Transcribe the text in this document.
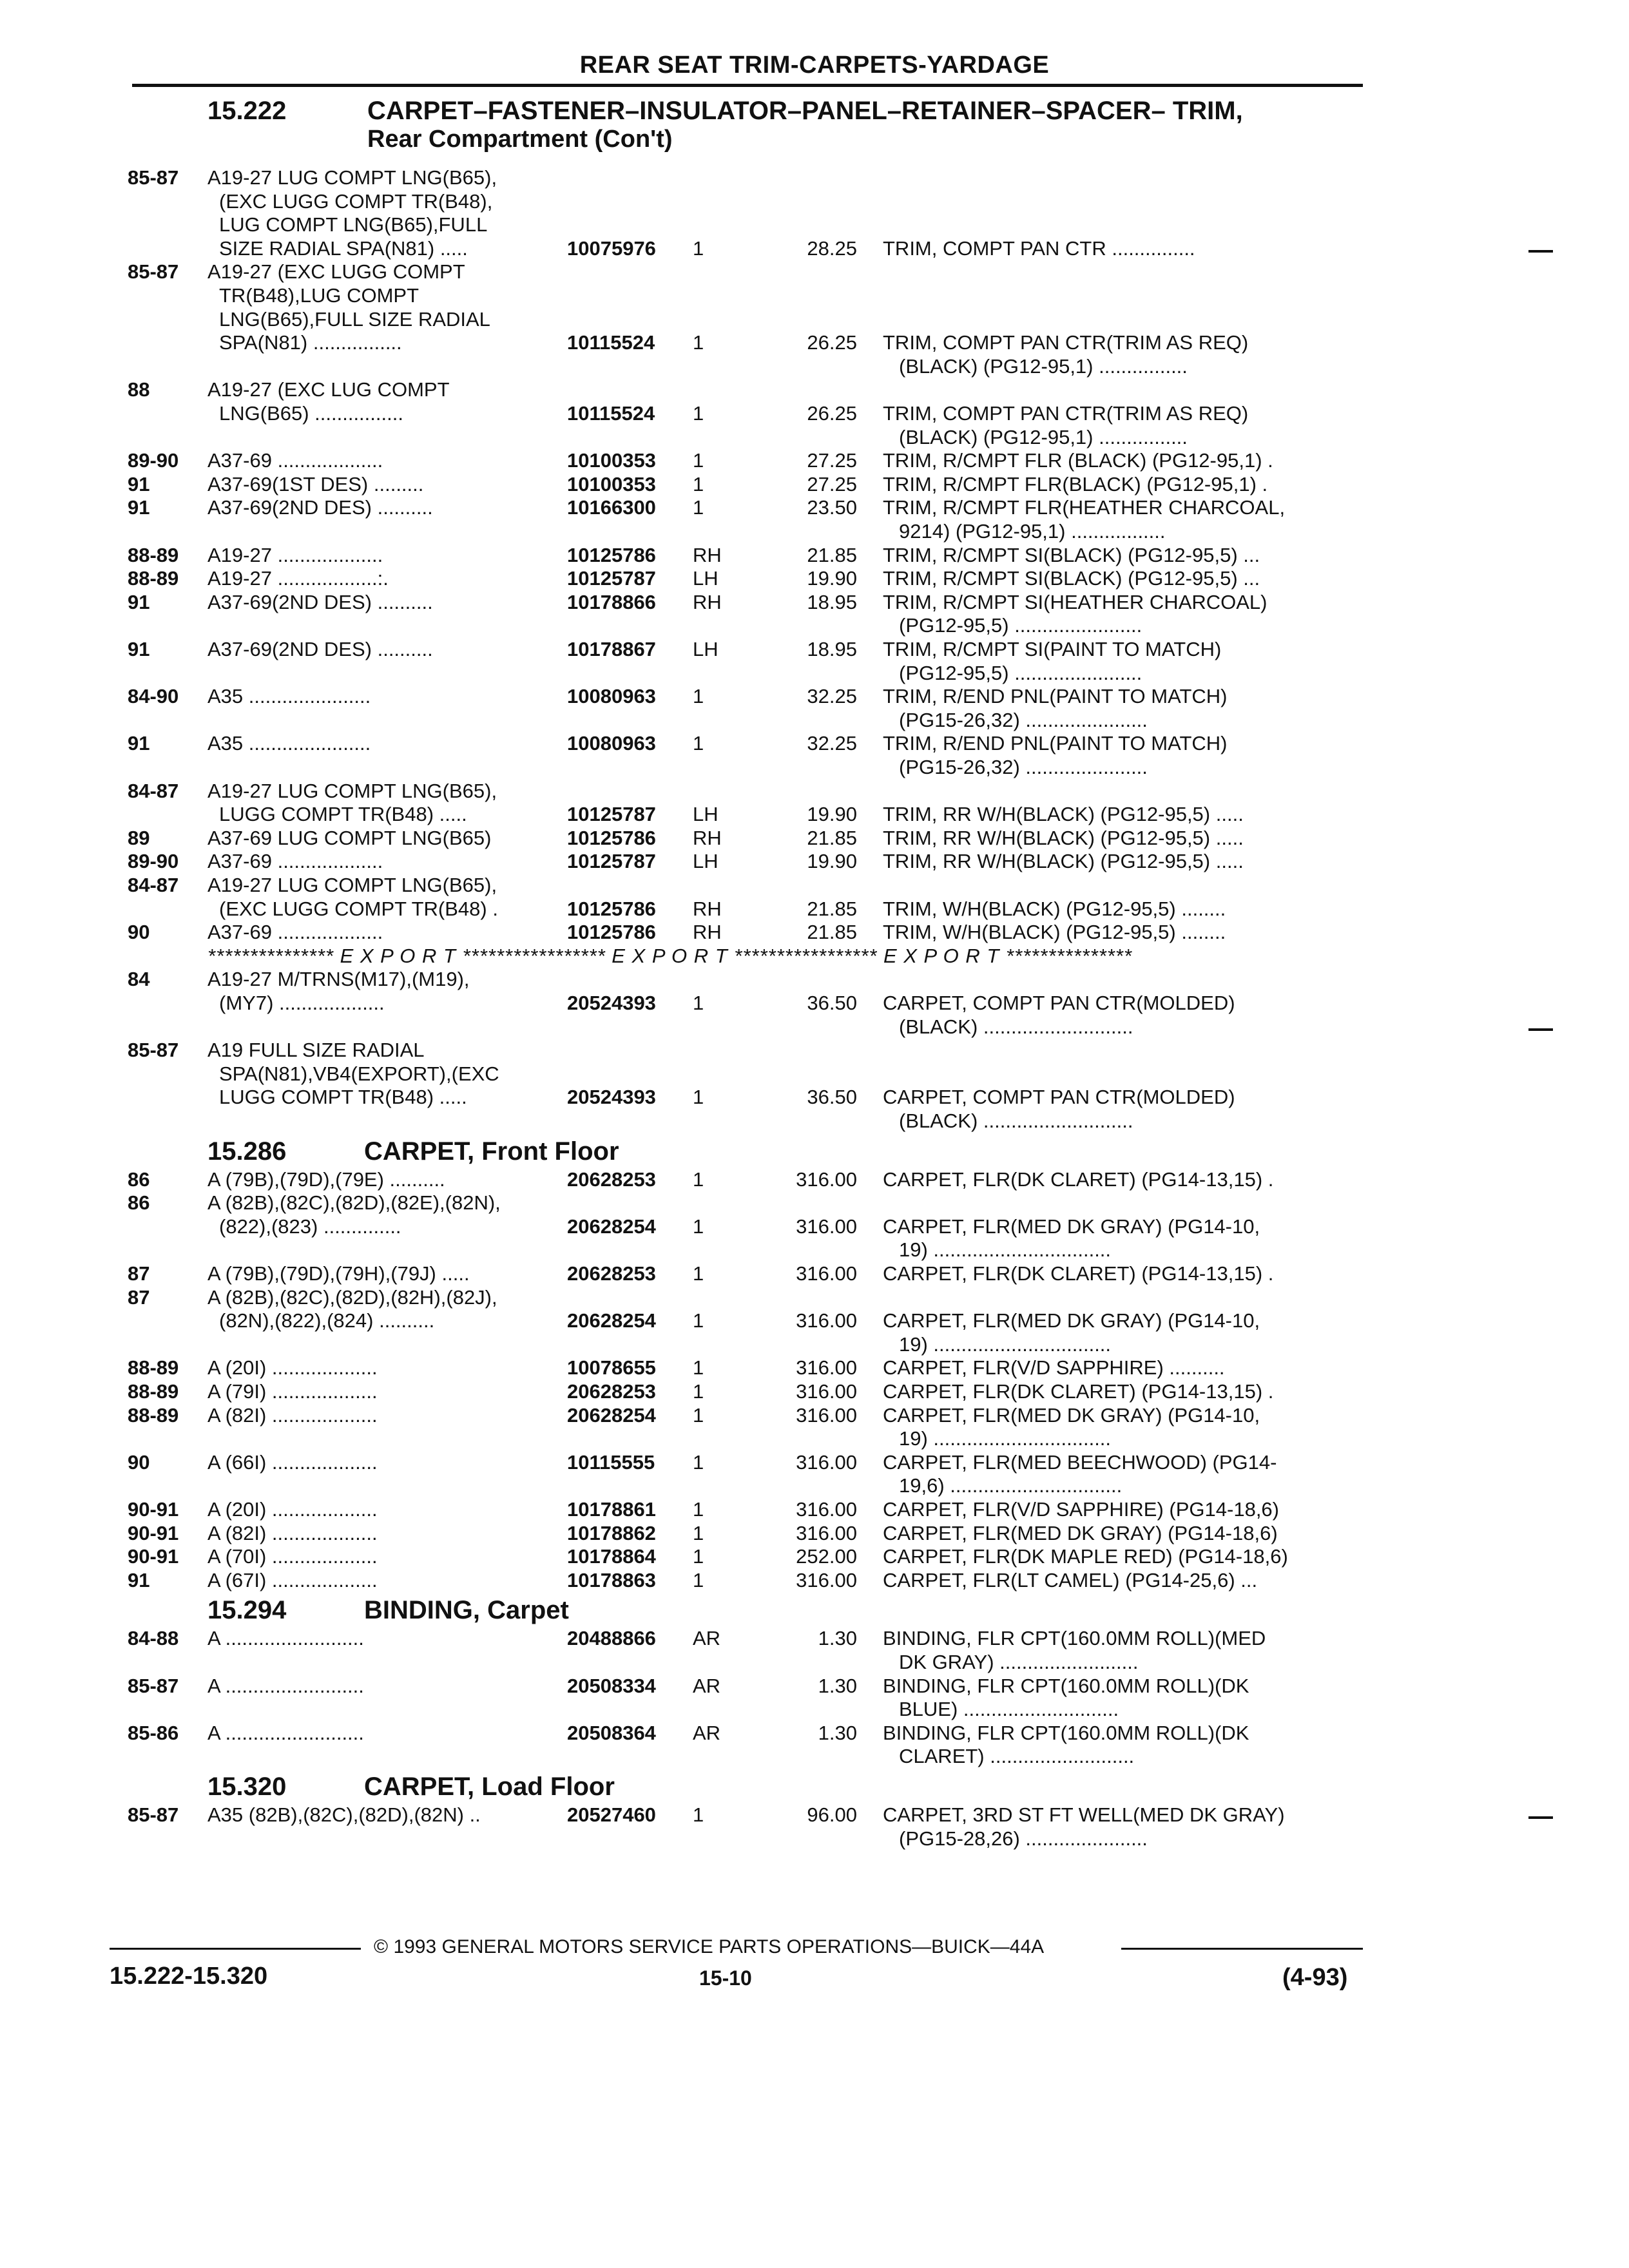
REAR SEAT TRIM-CARPETS-YARDAGE
15.222	CARPET–FASTENER–INSULATOR–PANEL–RETAINER–SPACER– TRIM,
Rear Compartment (Con't)
85-87 A19-27 LUG COMPT LNG(B65),
(EXC LUGG COMPT TR(B48),
LUG COMPT LNG(B65),FULL
SIZE RADIAL SPA(N81) .....	10075976 1	28.25 TRIM, COMPT PAN CTR ...............
85-87 A19-27 (EXC LUGG COMPT
TR(B48),LUG COMPT
LNG(B65),FULL SIZE RADIAL
SPA(N81) ................	10115524 1	26.25 TRIM, COMPT PAN CTR(TRIM AS REQ)
(BLACK) (PG12-95,1) ................
88	A19-27 (EXC LUG COMPT
LNG(B65) ................	10115524 1	26.25 TRIM, COMPT PAN CTR(TRIM AS REQ)
(BLACK) (PG12-95,1) ................
89-90 A37-69 ...................	10100353 1	27.25 TRIM, R/CMPT FLR (BLACK) (PG12-95,1) .
91	A37-69(1ST DES) .........	10100353 1	27.25 TRIM, R/CMPT FLR(BLACK) (PG12-95,1) .
91	A37-69(2ND DES) ..........	10166300 1	23.50 TRIM, R/CMPT FLR(HEATHER CHARCOAL,
9214) (PG12-95,1) .................
88-89 A19-27 ...................	10125786 RH	21.85 TRIM, R/CMPT SI(BLACK) (PG12-95,5) ...
88-89 A19-27 ..................:.	10125787 LH	19.90 TRIM, R/CMPT SI(BLACK) (PG12-95,5) ...
91	A37-69(2ND DES) ..........	10178866 RH	18.95 TRIM, R/CMPT SI(HEATHER CHARCOAL)
(PG12-95,5) .......................
91	A37-69(2ND DES) ..........	10178867 LH	18.95 TRIM, R/CMPT SI(PAINT TO MATCH)
(PG12-95,5) .......................
84-90 A35 ......................	10080963 1	32.25 TRIM, R/END PNL(PAINT TO MATCH)
(PG15-26,32) ......................
91	A35 ......................	10080963 1	32.25 TRIM, R/END PNL(PAINT TO MATCH)
(PG15-26,32) ......................
84-87 A19-27 LUG COMPT LNG(B65),
LUGG COMPT TR(B48) .....	10125787 LH	19.90 TRIM, RR W/H(BLACK) (PG12-95,5) .....
89	A37-69 LUG COMPT LNG(B65)	10125786 RH	21.85 TRIM, RR W/H(BLACK) (PG12-95,5) .....
89-90 A37-69 ...................	10125787 LH	19.90 TRIM, RR W/H(BLACK) (PG12-95,5) .....
84-87 A19-27 LUG COMPT LNG(B65),
(EXC LUGG COMPT TR(B48) .	10125786 RH	21.85 TRIM, W/H(BLACK) (PG12-95,5) ........
90	A37-69 ...................	10125786 RH	21.85 TRIM, W/H(BLACK) (PG12-95,5) ........
*************** E X P O R T ***************** E X P O R T ***************** E X P O R T ***************
84	A19-27 M/TRNS(M17),(M19),
(MY7) ...................	20524393 1	36.50 CARPET, COMPT PAN CTR(MOLDED)
(BLACK) ...........................
85-87 A19 FULL SIZE RADIAL
SPA(N81),VB4(EXPORT),(EXC
LUGG COMPT TR(B48) .....	20524393 1	36.50 CARPET, COMPT PAN CTR(MOLDED)
(BLACK) ...........................
15.286	CARPET, Front Floor
86	A (79B),(79D),(79E) ..........	20628253 1	316.00 CARPET, FLR(DK CLARET) (PG14-13,15) .
86	A (82B),(82C),(82D),(82E),(82N),
(822),(823) ..............	20628254 1	316.00 CARPET, FLR(MED DK GRAY) (PG14-10,
19) ................................
87	A (79B),(79D),(79H),(79J) .....	20628253 1	316.00 CARPET, FLR(DK CLARET) (PG14-13,15) .
87	A (82B),(82C),(82D),(82H),(82J),
(82N),(822),(824) ..........	20628254 1	316.00 CARPET, FLR(MED DK GRAY) (PG14-10,
19) ................................
88-89 A (20I) ...................	10078655 1	316.00 CARPET, FLR(V/D SAPPHIRE) ..........
88-89 A (79I) ...................	20628253 1	316.00 CARPET, FLR(DK CLARET) (PG14-13,15) .
88-89 A (82I) ...................	20628254 1	316.00 CARPET, FLR(MED DK GRAY) (PG14-10,
19) ................................
90	A (66I) ...................	10115555 1	316.00 CARPET, FLR(MED BEECHWOOD) (PG14-
19,6) ...............................
90-91 A (20I) ...................	10178861 1	316.00 CARPET, FLR(V/D SAPPHIRE) (PG14-18,6)
90-91 A (82I) ...................	10178862 1	316.00 CARPET, FLR(MED DK GRAY) (PG14-18,6)
90-91 A (70I) ...................	10178864 1	252.00 CARPET, FLR(DK MAPLE RED) (PG14-18,6)
91	A (67I) ...................	10178863 1	316.00 CARPET, FLR(LT CAMEL) (PG14-25,6) ...
15.294	BINDING, Carpet
84-88 A .........................	20488866 AR	1.30 BINDING, FLR CPT(160.0MM ROLL)(MED
DK GRAY) .........................
85-87 A .........................	20508334 AR	1.30 BINDING, FLR CPT(160.0MM ROLL)(DK
BLUE) ............................
85-86 A .........................	20508364 AR	1.30 BINDING, FLR CPT(160.0MM ROLL)(DK
CLARET) ..........................
15.320	CARPET, Load Floor
85-87 A35 (82B),(82C),(82D),(82N) ..	20527460 1	96.00 CARPET, 3RD ST FT WELL(MED DK GRAY)
(PG15-28,26) ......................
© 1993 GENERAL MOTORS SERVICE PARTS OPERATIONS—BUICK—44A
15.222-15.320	15-10	(4-93)
